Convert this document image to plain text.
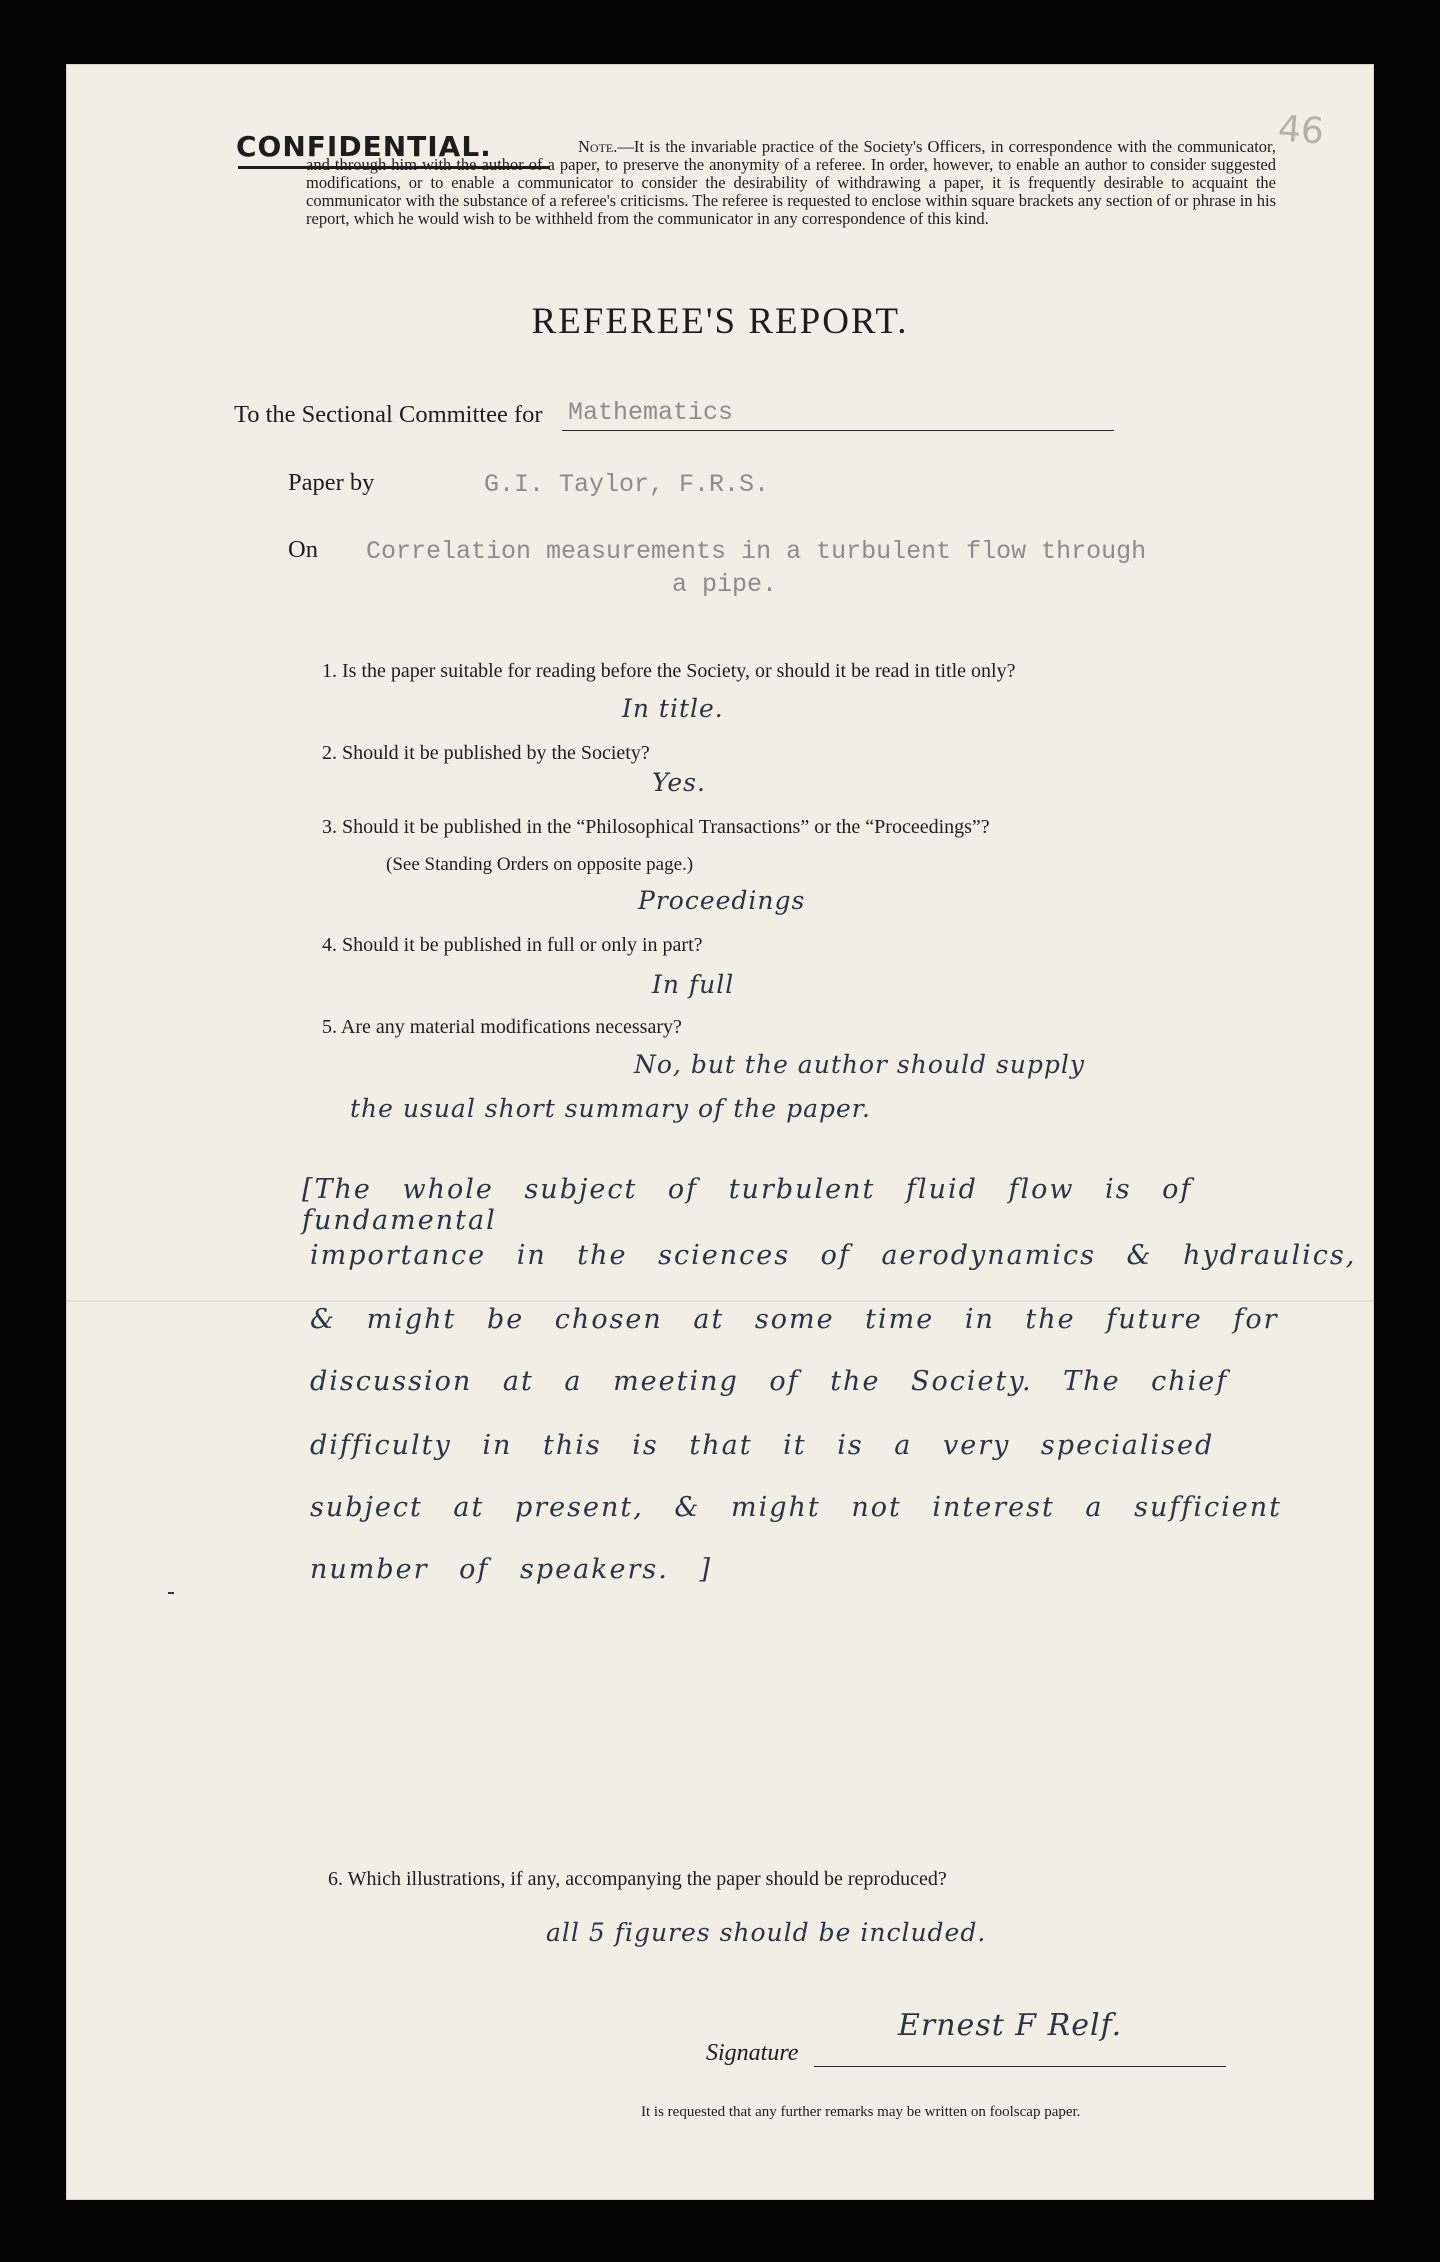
46
CONFIDENTIAL.	Note.—It is the invariable practice of the Society's Officers, in correspondence with the communicator, and through him with the author of a paper, to preserve the anonymity of a referee. In order, however, to enable an author to consider suggested modifications, or to enable a communicator to consider the desirability of withdrawing a paper, it is frequently desirable to acquaint the communicator with the substance of a referee's criticisms. The referee is requested to enclose within square brackets any section of or phrase in his report, which he would wish to be withheld from the communicator in any correspondence of this kind.
REFEREE'S REPORT.
To the Sectional Committee for Mathematics
Paper by	G.I. Taylor, F.R.S.
On Correlation measurements in a turbulent flow through
a pipe.
1. Is the paper suitable for reading before the Society, or should it be read in title only?
In title.
2. Should it be published by the Society?
Yes.
3. Should it be published in the “Philosophical Transactions” or the “Proceedings”?
(See Standing Orders on opposite page.)
Proceedings
4. Should it be published in full or only in part?
In full
5. Are any material modifications necessary?
No, but the author should supply
the usual short summary of the paper.
[The whole subject of turbulent fluid flow is of fundamental
importance in the sciences of aerodynamics & hydraulics,
& might be chosen at some time in the future for
discussion at a meeting of the Society. The chief
difficulty in this is that it is a very specialised
subject at present, & might not interest a sufficient
number of speakers. ]
6. Which illustrations, if any, accompanying the paper should be reproduced?
all 5 figures should be included.
Signature
Ernest F Relf.
It is requested that any further remarks may be written on foolscap paper.
